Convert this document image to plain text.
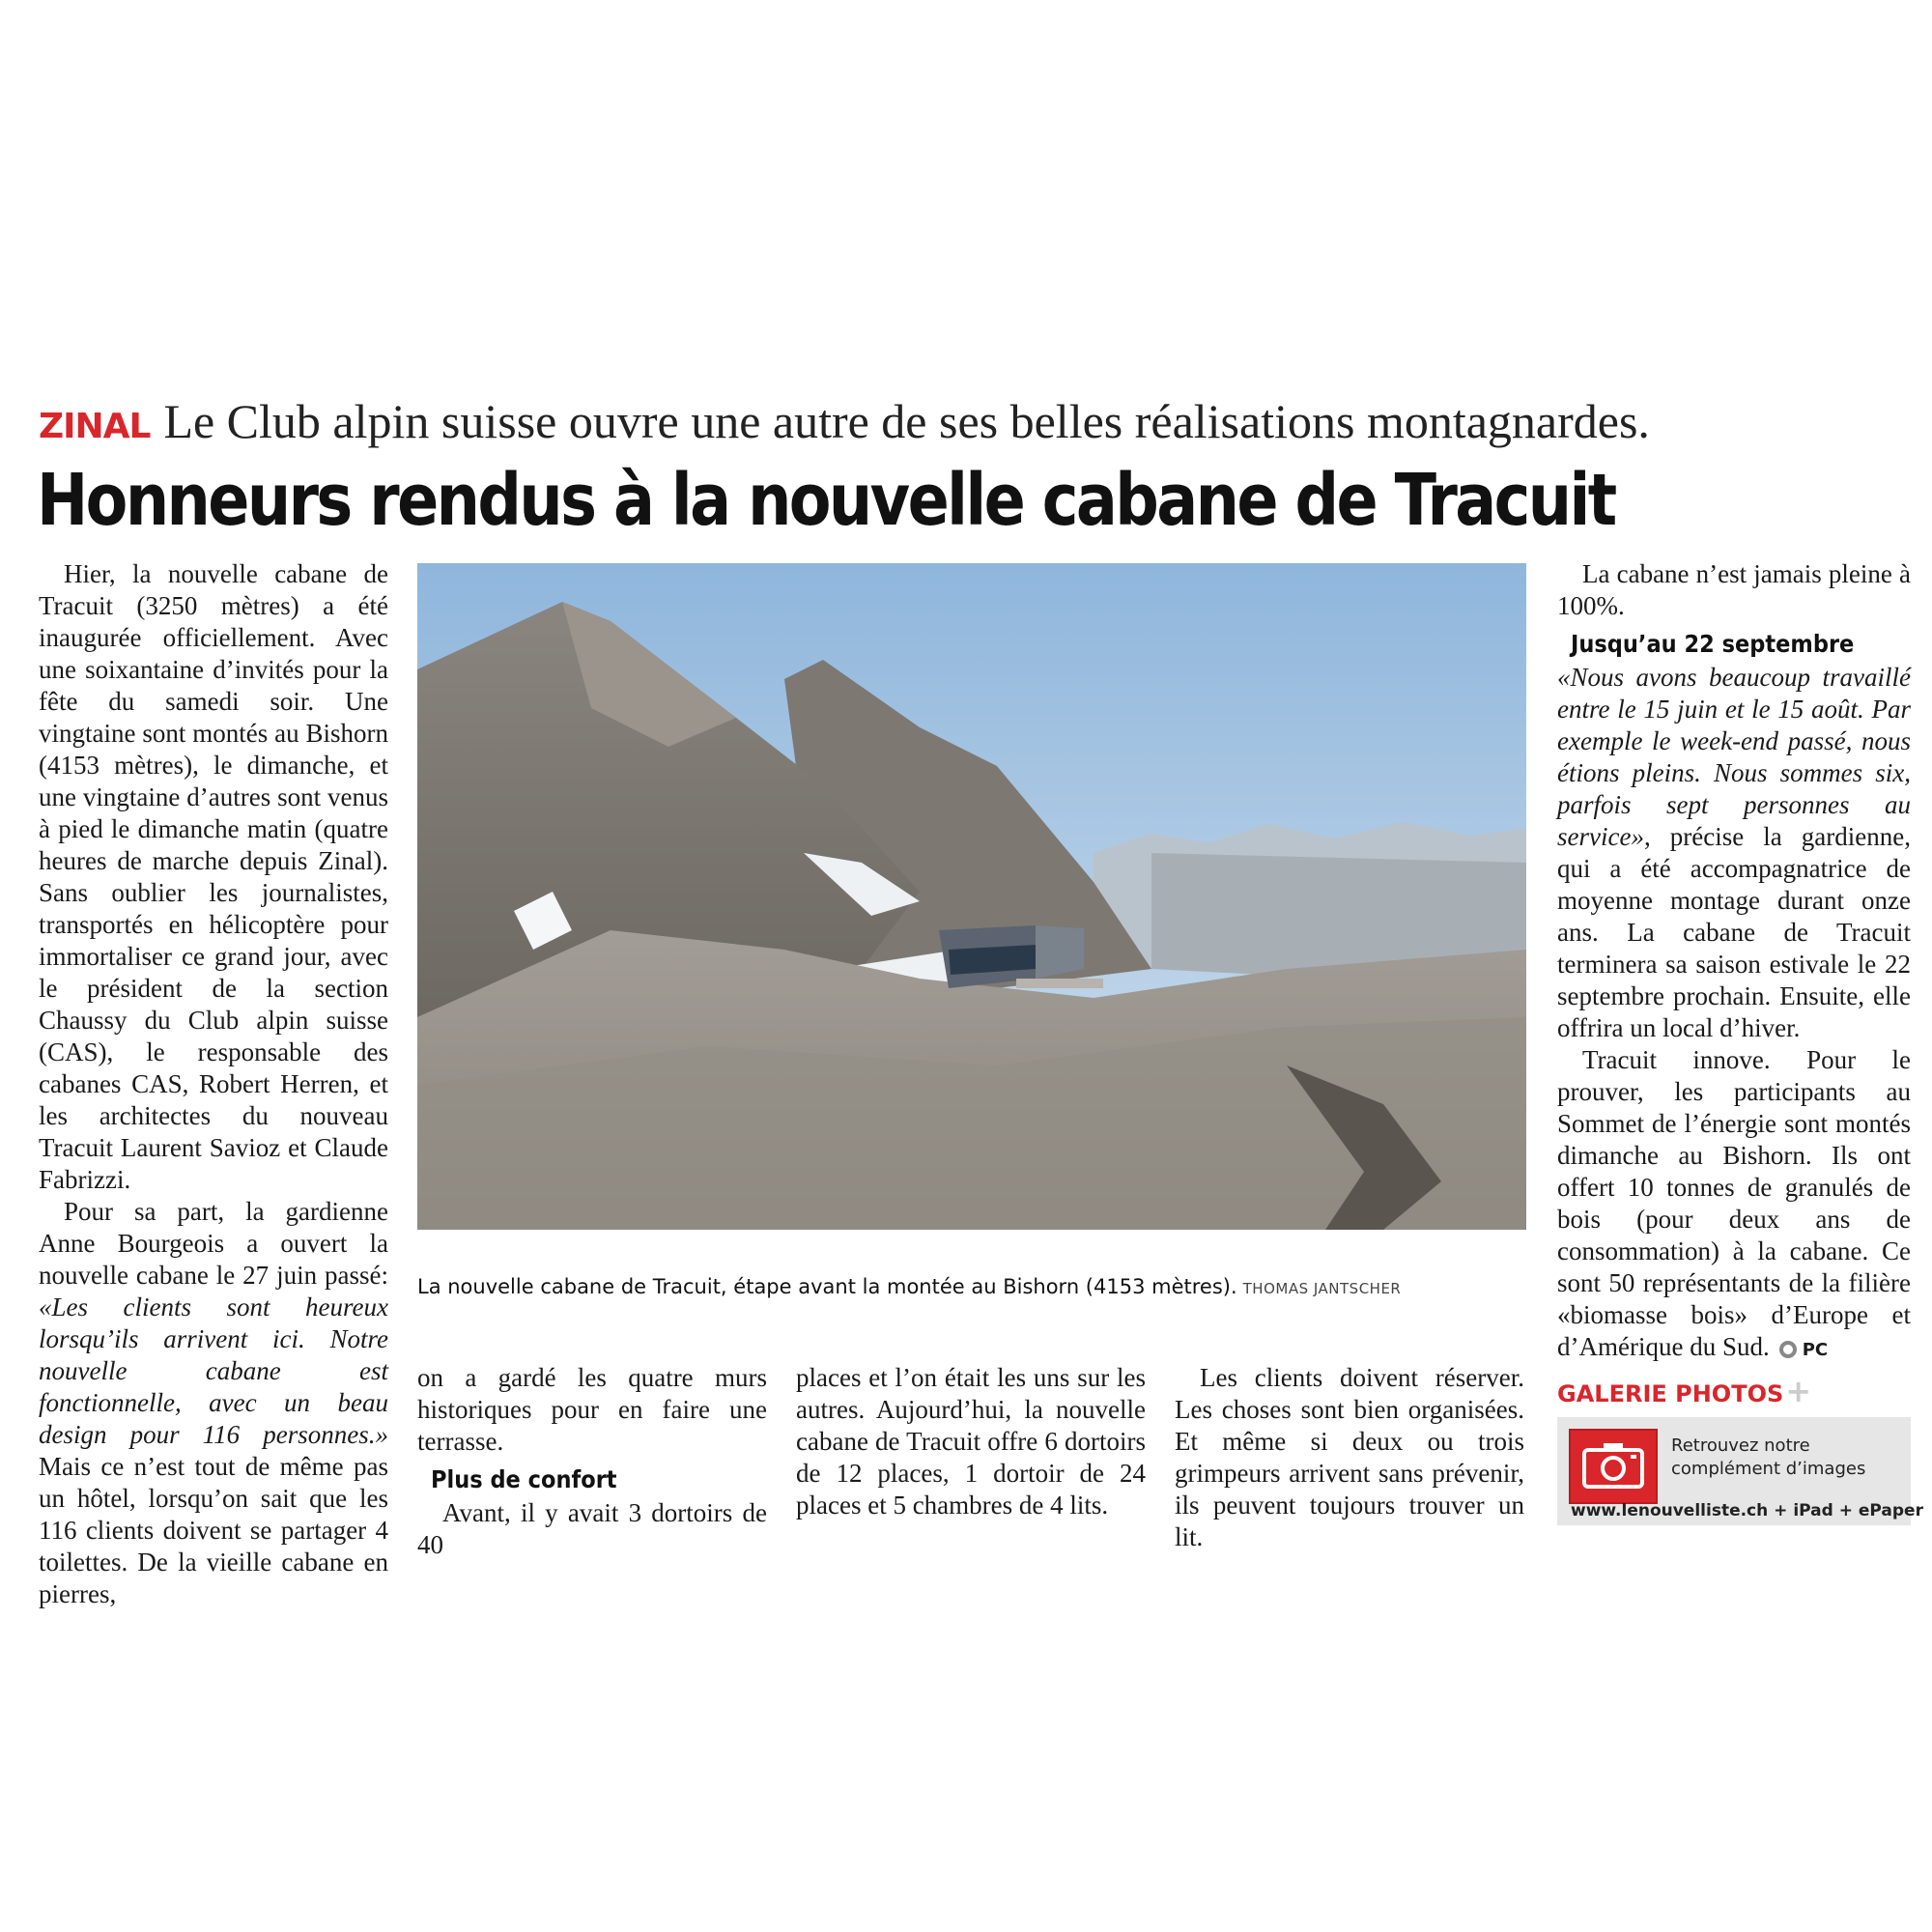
ZINAL Le Club alpin suisse ouvre une autre de ses belles réalisations montagnardes.
Honneurs rendus à la nouvelle cabane de Tracuit

Hier, la nouvelle cabane de Tracuit (3250 mètres) a été inaugurée officiellement. Avec une soixantaine d’invités pour la fête du samedi soir. Une vingtaine sont montés au Bishorn (4153 mètres), le dimanche, et une vingtaine d’autres sont venus à pied le dimanche matin (quatre heures de marche depuis Zinal). Sans oublier les journalistes, transportés en hélicoptère pour immortaliser ce grand jour, avec le président de la section Chaussy du Club alpin suisse (CAS), le responsable des cabanes CAS, Robert Herren, et les architectes du nouveau Tracuit Laurent Savioz et Claude Fabrizzi.

Pour sa part, la gardienne Anne Bourgeois a ouvert la nouvelle cabane le 27 juin passé: «Les clients sont heureux lorsqu’ils arrivent ici. Notre nouvelle cabane est fonctionnelle, avec un beau design pour 116 personnes.» Mais ce n’est tout de même pas un hôtel, lorsqu’on sait que les 116 clients doivent se partager 4 toilettes. De la vieille cabane en pierres,

La nouvelle cabane de Tracuit, étape avant la montée au Bishorn (4153 mètres). THOMAS JANTSCHER

on a gardé les quatre murs historiques pour en faire une terrasse.

Plus de confort

Avant, il y avait 3 dortoirs de 40

places et l’on était les uns sur les autres. Aujourd’hui, la nouvelle cabane de Tracuit offre 6 dortoirs de 12 places, 1 dortoir de 24 places et 5 chambres de 4 lits.

Les clients doivent réserver. Les choses sont bien organisées. Et même si deux ou trois grimpeurs arrivent sans prévenir, ils peuvent toujours trouver un lit.

La cabane n’est jamais pleine à 100%.

Jusqu’au 22 septembre

«Nous avons beaucoup travaillé entre le 15 juin et le 15 août. Par exemple le week-end passé, nous étions pleins. Nous sommes six, parfois sept personnes au service», précise la gardienne, qui a été accompagnatrice de moyenne montage durant onze ans. La cabane de Tracuit terminera sa saison estivale le 22 septembre prochain. Ensuite, elle offrira un local d’hiver.

Tracuit innove. Pour le prouver, les participants au Sommet de l’énergie sont montés dimanche au Bishorn. Ils ont offert 10 tonnes de granulés de bois (pour deux ans de consommation) à la cabane. Ce sont 50 représentants de la filière «biomasse bois» d’Europe et d’Amérique du Sud. PC

GALERIE PHOTOS+
Retrouvez notre
complément d’images
www.lenouvelliste.ch + iPad + ePaper
